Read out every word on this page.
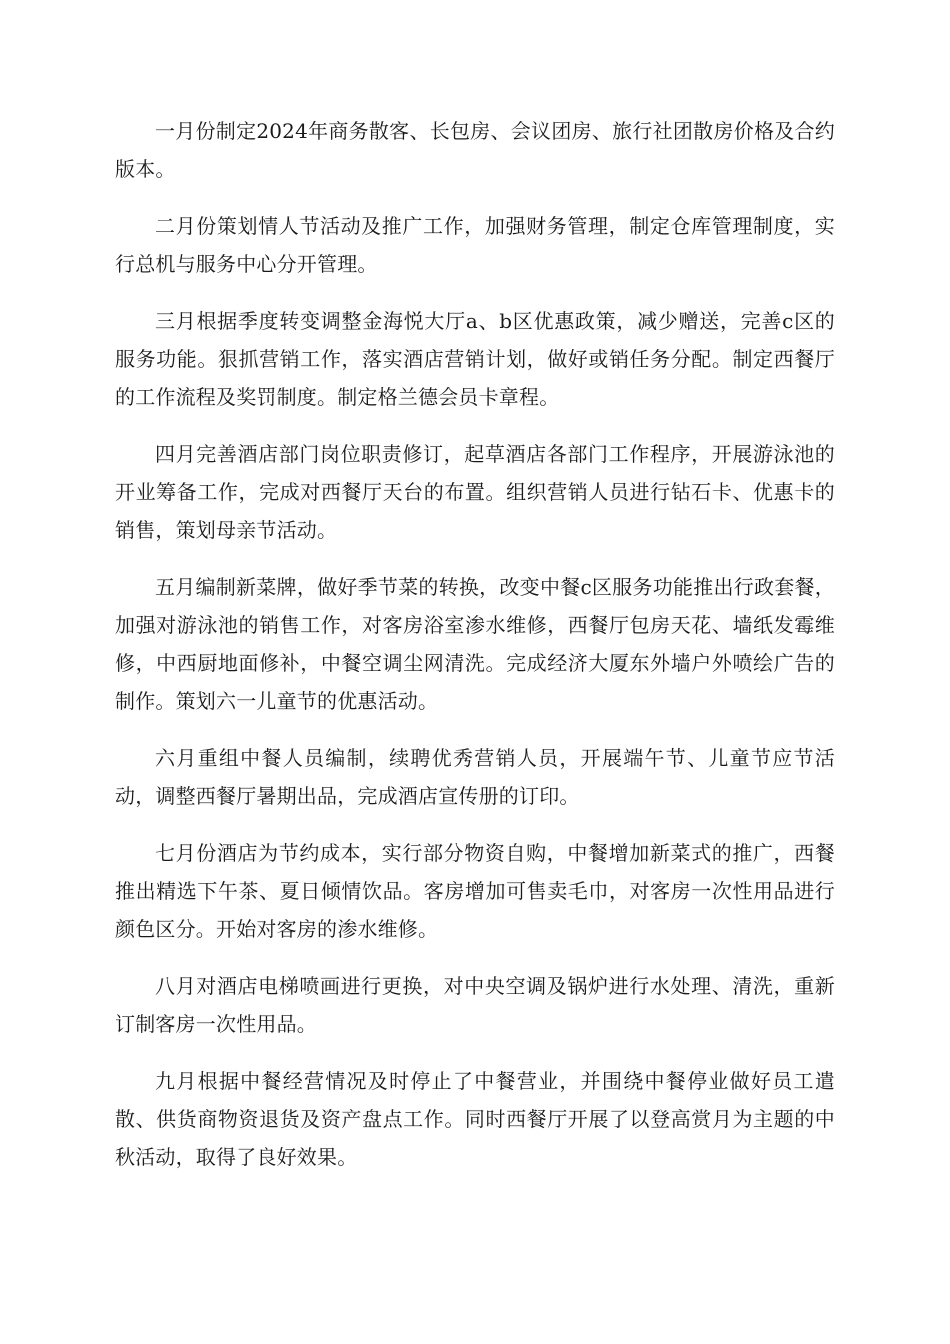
一月份制定2024年商务散客、长包房、会议团房、旅行社团散房价格及合约版本。

二月份策划情人节活动及推广工作，加强财务管理，制定仓库管理制度，实行总机与服务中心分开管理。

三月根据季度转变调整金海悦大厅a、b区优惠政策，减少赠送，完善c区的服务功能。狠抓营销工作，落实酒店营销计划，做好或销任务分配。制定西餐厅的工作流程及奖罚制度。制定格兰德会员卡章程。

四月完善酒店部门岗位职责修订，起草酒店各部门工作程序，开展游泳池的开业筹备工作，完成对西餐厅天台的布置。组织营销人员进行钻石卡、优惠卡的销售，策划母亲节活动。

五月编制新菜牌，做好季节菜的转换，改变中餐c区服务功能推出行政套餐，加强对游泳池的销售工作，对客房浴室渗水维修，西餐厅包房天花、墙纸发霉维修，中西厨地面修补，中餐空调尘网清洗。完成经济大厦东外墙户外喷绘广告的制作。策划六一儿童节的优惠活动。

六月重组中餐人员编制，续聘优秀营销人员，开展端午节、儿童节应节活动，调整西餐厅暑期出品，完成酒店宣传册的订印。

七月份酒店为节约成本，实行部分物资自购，中餐增加新菜式的推广，西餐推出精选下午茶、夏日倾情饮品。客房增加可售卖毛巾，对客房一次性用品进行颜色区分。开始对客房的渗水维修。

八月对酒店电梯喷画进行更换，对中央空调及锅炉进行水处理、清洗，重新订制客房一次性用品。

九月根据中餐经营情况及时停止了中餐营业，并围绕中餐停业做好员工遣散、供货商物资退货及资产盘点工作。同时西餐厅开展了以登高赏月为主题的中秋活动，取得了良好效果。
